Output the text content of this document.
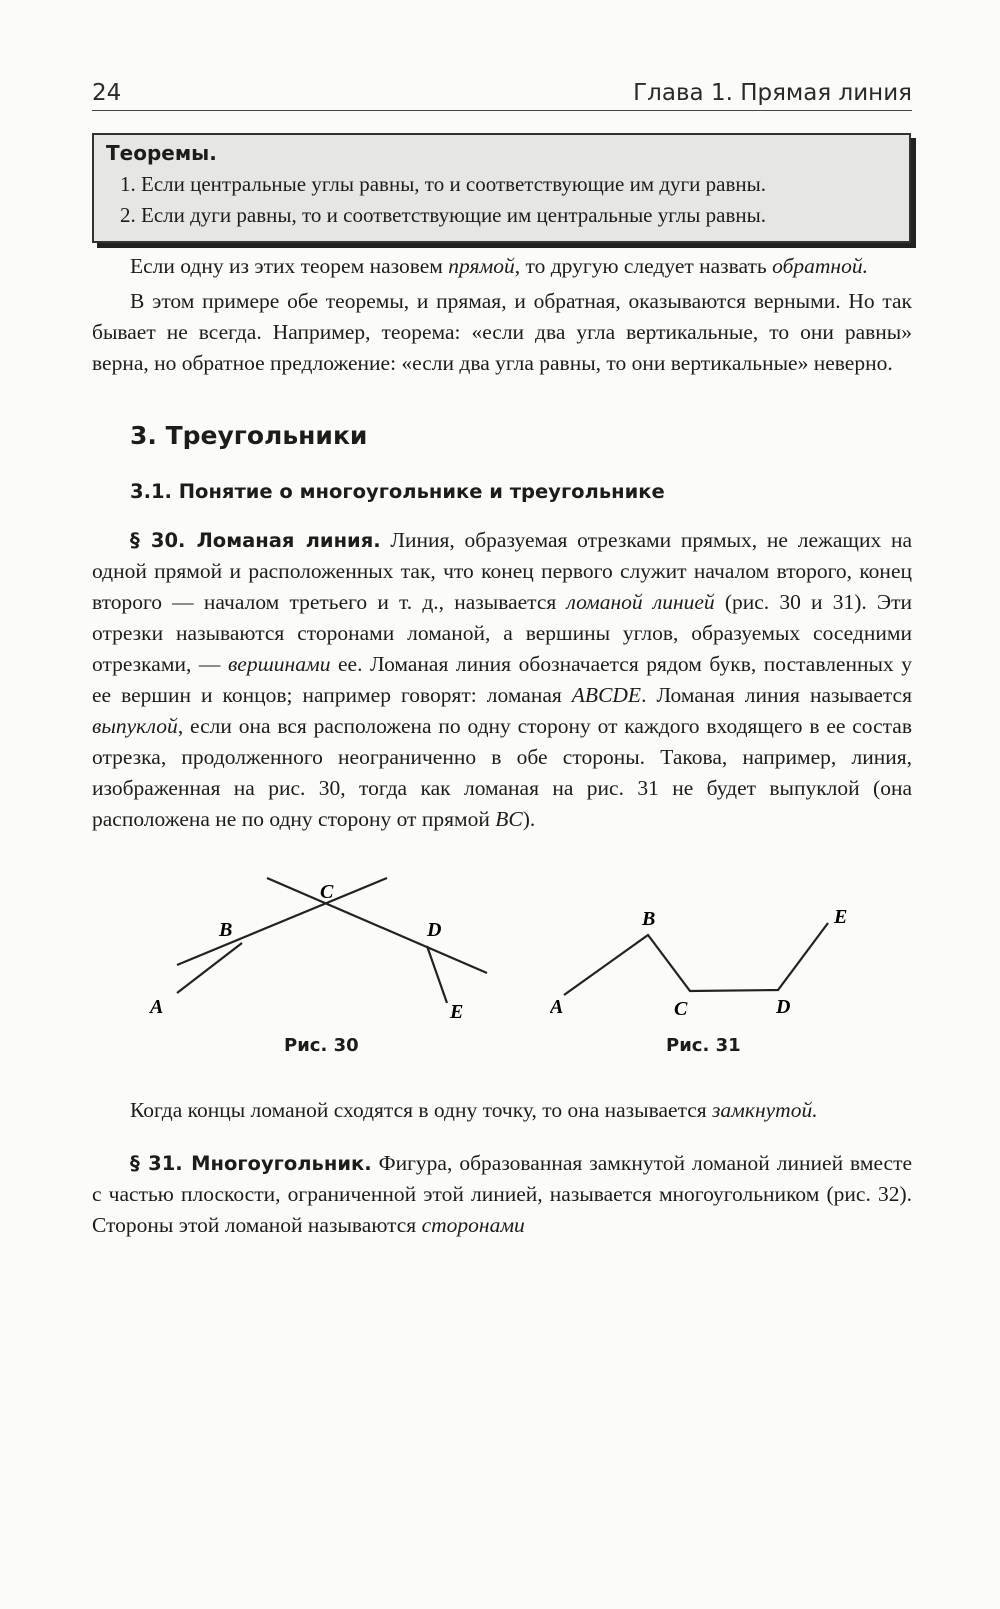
24	Глава 1. Прямая линия
Теоремы.
1. Если центральные углы равны, то и соответствующие им дуги равны.
2. Если дуги равны, то и соответствующие им центральные углы равны.

Если одну из этих теорем назовем прямой, то другую следует назвать обратной.

В этом примере обе теоремы, и прямая, и обратная, оказываются верными. Но так бывает не всегда. Например, теорема: «если два угла вертикальные, то они равны» верна, но обратное предложение: «если два угла равны, то они вертикальные» неверно.

3. Треугольники
3.1. Понятие о многоугольнике и треугольнике

§ 30. Ломаная линия. Линия, образуемая отрезками прямых, не лежащих на одной прямой и расположенных так, что конец первого служит началом второго, конец второго — началом третьего и т. д., называется ломаной линией (рис. 30 и 31). Эти отрезки называются сторонами ломаной, а вершины углов, образуемых соседними отрезками, — вершинами ее. Ломаная линия обозначается рядом букв, поставленных у ее вершин и концов; например говорят: ломаная ABCDE. Ломаная линия называется выпуклой, если она вся расположена по одну сторону от каждого входящего в ее состав отрезка, продолженного неограниченно в обе стороны. Такова, например, линия, изображенная на рис. 30, тогда как ломаная на рис. 31 не будет выпуклой (она расположена не по одну сторону от прямой BC).

A
B
C
D
E
Рис. 30
A
B
C	D
E
Рис. 31

Когда концы ломаной сходятся в одну точку, то она называется замкнутой.

§ 31. Многоугольник. Фигура, образованная замкнутой ломаной линией вместе с частью плоскости, ограниченной этой линией, называется многоугольником (рис. 32). Стороны этой ломаной называются сторонами
